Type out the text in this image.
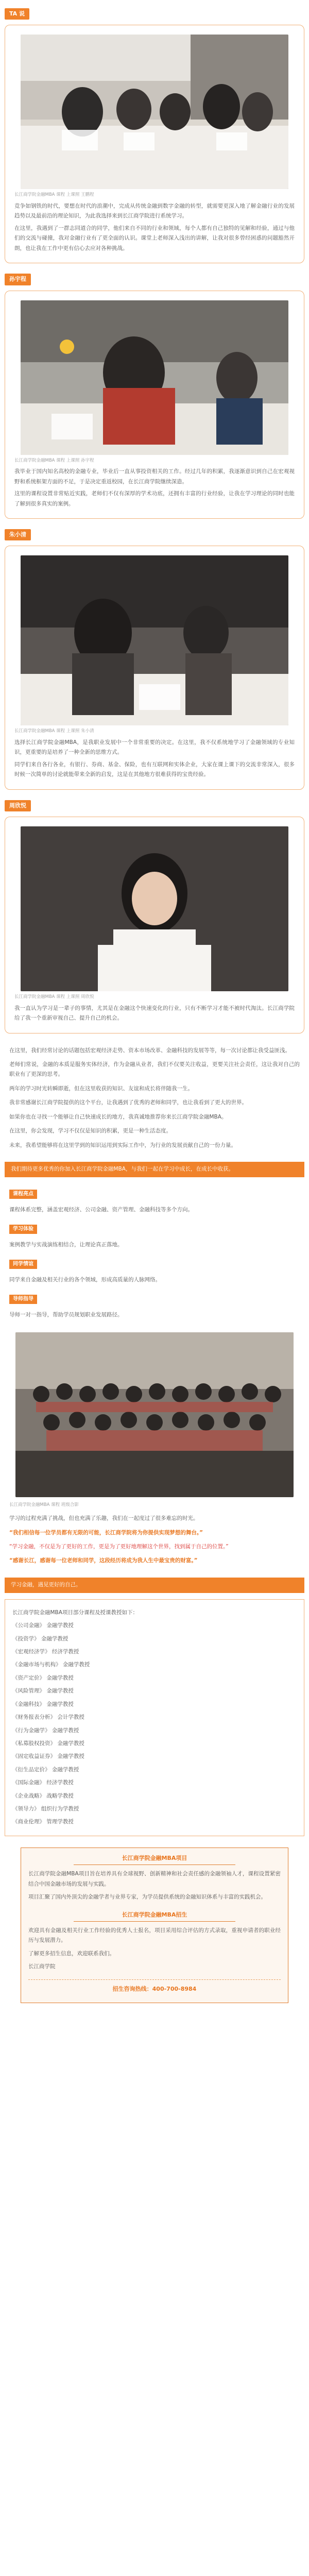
TA 说

长江商学院金融MBA 课程 上课照 王鹏程

竞争如钢铁的时代，要想在时代的浪潮中，完成从传统金融到数字金融的转型，就需要更深入地了解金融行业的发展趋势以及最前沿的理论知识，为此我选择来到长江商学院进行系统学习。

在这里，我遇到了一群志同道合的同学，他们来自不同的行业和领域，每个人都有自己独特的见解和经验，通过与他们的交流与碰撞，我对金融行业有了更全面的认识。课堂上老师深入浅出的讲解，让我对很多曾经困惑的问题豁然开朗，也让我在工作中更有信心去应对各种挑战。

孙宇程

长江商学院金融MBA 课程 上课照 孙宇程

我毕业于国内知名高校的金融专业，毕业后一直从事投资相关的工作。经过几年的积累，我逐渐意识到自己在宏观视野和系统框架方面的不足，于是决定重返校园，在长江商学院继续深造。

这里的课程设置非常贴近实践，老师们不仅有深厚的学术功底，还拥有丰富的行业经验，让我在学习理论的同时也能了解到很多真实的案例。

朱小清

长江商学院金融MBA 课程 上课照 朱小清

选择长江商学院金融MBA，是我职业发展中一个非常重要的决定。在这里，我不仅系统地学习了金融领域的专业知识，更重要的是培养了一种全新的思维方式。

同学们来自各行各业，有银行、券商、基金、保险，也有互联网和实体企业，大家在课上课下的交流非常深入，很多时候一次简单的讨论就能带来全新的启发，这是在其他地方很难获得的宝贵经验。

周欣悦

长江商学院金融MBA 课程 上课照 周欣悦

我一直认为学习是一辈子的事情，尤其是在金融这个快速变化的行业，只有不断学习才能不被时代淘汰。长江商学院给了我一个重新审视自己、提升自己的机会。

在这里，我们经常讨论的话题包括宏观经济走势、资本市场改革、金融科技的发展等等，每一次讨论都让我受益匪浅。

老师们常说，金融的本质是服务实体经济，作为金融从业者，我们不仅要关注收益，更要关注社会责任，这让我对自己的职业有了更深的思考。

两年的学习时光转瞬即逝，但在这里收获的知识、友谊和成长将伴随我一生。

我非常感谢长江商学院提供的这个平台，让我遇到了优秀的老师和同学，也让我看到了更大的世界。

如果你也在寻找一个能够让自己快速成长的地方，我真诚地推荐你来长江商学院金融MBA。

在这里，你会发现，学习不仅仅是知识的积累，更是一种生活态度。

未来，我希望能够将在这里学到的知识运用到实际工作中，为行业的发展贡献自己的一份力量。

我们期待更多优秀的你加入长江商学院金融MBA，与我们一起在学习中成长，在成长中收获。
课程亮点

课程体系完整，涵盖宏观经济、公司金融、资产管理、金融科技等多个方向。

学习体验

案例教学与实战演练相结合，让理论真正落地。

同学情谊

同学来自金融及相关行业的各个领域，形成高质量的人脉网络。

导师指导

导师一对一指导，帮助学员规划职业发展路径。

长江商学院金融MBA 课程 班级合影

学习的过程充满了挑战，但也充满了乐趣，我们在一起度过了很多难忘的时光。

“我们相信每一位学员都有无限的可能，长江商学院将为你提供实现梦想的舞台。”

“学习金融，不仅是为了更好的工作，更是为了更好地理解这个世界，找到属于自己的位置。”

“感谢长江，感谢每一位老师和同学，这段经历将成为我人生中最宝贵的财富。”

学习金融，遇见更好的自己。

长江商学院金融MBA项目部分课程及授课教授如下：

《公司金融》 金融学教授

《投资学》 金融学教授

《宏观经济学》 经济学教授

《金融市场与机构》 金融学教授

《资产定价》 金融学教授

《风险管理》 金融学教授

《金融科技》 金融学教授

《财务报表分析》 会计学教授

《行为金融学》 金融学教授

《私募股权投资》 金融学教授

《固定收益证券》 金融学教授

《衍生品定价》 金融学教授

《国际金融》 经济学教授

《企业战略》 战略学教授

《领导力》 组织行为学教授

《商业伦理》 管理学教授

长江商学院金融MBA项目

长江商学院金融MBA项目旨在培养具有全球视野、创新精神和社会责任感的金融领袖人才，课程设置紧密结合中国金融市场的发展与实践。

项目汇聚了国内外顶尖的金融学者与业界专家，为学员提供系统的金融知识体系与丰富的实践机会。

长江商学院金融MBA招生

欢迎具有金融及相关行业工作经验的优秀人士报名，项目采用综合评估的方式录取，重视申请者的职业经历与发展潜力。

了解更多招生信息，欢迎联系我们。

长江商学院

招生咨询热线：400-700-8984
